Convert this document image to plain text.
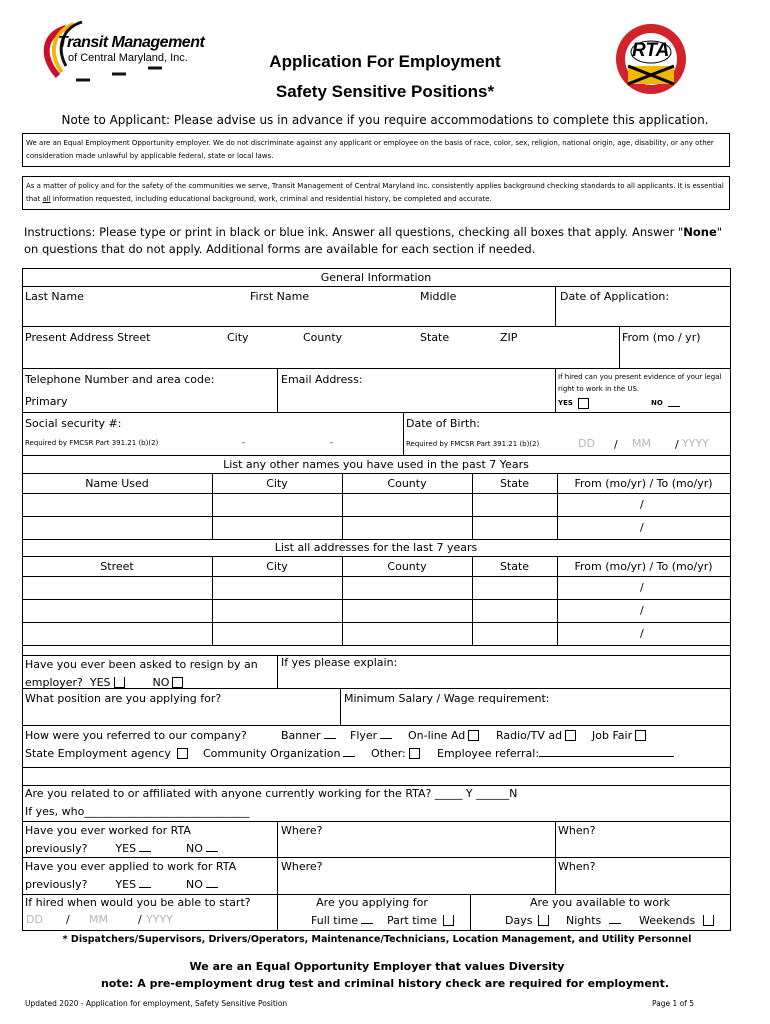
Transit Management
of Central Maryland, Inc.	Application For Employment
Safety Sensitive Positions*
RTA
Note to Applicant: Please advise us in advance if you require accommodations to complete this application.
We are an Equal Employment Opportunity employer. We do not discriminate against any applicant or employee on the basis of race, color, sex, religion, national origin, age, disability, or any other consideration made unlawful by applicable federal, state or local laws.
As a matter of policy and for the safety of the communities we serve, Transit Management of Central Maryland Inc. consistently applies background checking standards to all applicants. It is essential that all information requested, including educational background, work, criminal and residential history, be completed and accurate.
Instructions: Please type or print in black or blue ink. Answer all questions, checking all boxes that apply. Answer "None" on questions that do not apply. Additional forms are available for each section if needed.
General Information
Last Name	First Name	Middle	Date of Application:
Present Address Street	City	County	State	ZIP	From (mo / yr)
Telephone Number and area code:
Primary
Email Address:	If hired can you present evidence of your legal right to work in the US.
YES	NO
Social security #:
Required by FMCSR Part 391.21 (b)(2)	-	-
Date of Birth:
Required by FMCSR Part 391.21 (b)(2)	DD / MM / YYYY
List any other names you have used in the past 7 Years
Name Used	City	County	State	From (mo/yr) / To (mo/yr)
/
/
List all addresses for the last 7 years
Street	City	County	State	From (mo/yr) / To (mo/yr)
/
/
/
Have you ever been asked to resign by an employer? YES	NO
If yes please explain:
What position are you applying for?	Minimum Salary / Wage requirement:
How were you referred to our company?	Banner	Flyer	On-line Ad	Radio/TV ad	Job Fair
State Employment agency	Community Organization	Other:	Employee referral:
Are you related to or affiliated with anyone currently working for the RTA? _____ Y ______N
If yes, who______________________________
Have you ever worked for RTA previously?	YES	NO
Where?	When?
Have you ever applied to work for RTA previously?	YES	NO
Where?	When?
If hired when would you be able to start?
DD / MM	/ YYYY
Are you applying for
Full time	Part time
Are you available to work
Days	Nights	Weekends
* Dispatchers/Supervisors, Drivers/Operators, Maintenance/Technicians, Location Management, and Utility Personnel
We are an Equal Opportunity Employer that values Diversity
note: A pre-employment drug test and criminal history check are required for employment.
Updated 2020 - Application for employment, Safety Sensitive Position	Page 1 of 5
